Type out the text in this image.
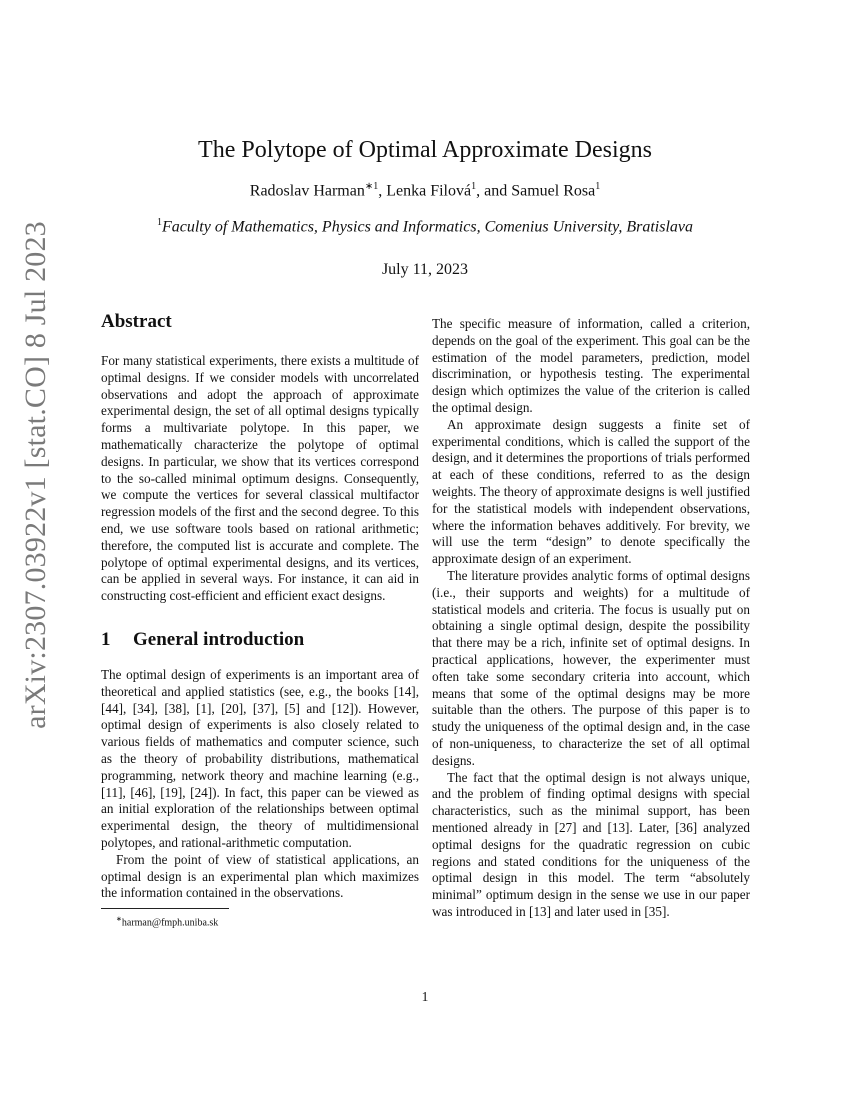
arXiv:2307.03922v1 [stat.CO] 8 Jul 2023
The Polytope of Optimal Approximate Designs
Radoslav Harman$^{∗1}$, Lenka Filová$^1$, and Samuel Rosa$^1$
$^1$Faculty of Mathematics, Physics and Informatics, Comenius University, Bratislava
July 11, 2023
Abstract

For many statistical experiments, there exists a multitude of optimal designs. If we consider models with uncorrelated observations and adopt the approach of approximate experimental design, the set of all optimal designs typically forms a multivariate polytope. In this paper, we mathematically characterize the polytope of optimal designs. In particular, we show that its vertices correspond to the so-called minimal optimum designs. Consequently, we compute the vertices for several classical multifactor regression models of the first and the second degree. To this end, we use software tools based on rational arithmetic; therefore, the computed list is accurate and complete. The polytope of optimal experimental designs, and its vertices, can be applied in several ways. For instance, it can aid in constructing cost-efficient and efficient exact designs.

1 General introduction

The optimal design of experiments is an important area of theoretical and applied statistics (see, e.g., the books [14], [44], [34], [38], [1], [20], [37], [5] and [12]). However, optimal design of experiments is also closely related to various fields of mathematics and computer science, such as the theory of probability distributions, mathematical programming, network theory and machine learning (e.g., [11], [46], [19], [24]). In fact, this paper can be viewed as an initial exploration of the relationships between optimal experimental design, the theory of multidimensional polytopes, and rational-arithmetic computation.

From the point of view of statistical applications, an optimal design is an experimental plan which maximizes the information contained in the observations.

∗harman@fmph.uniba.sk

The specific measure of information, called a criterion, depends on the goal of the experiment. This goal can be the estimation of the model parameters, prediction, model discrimination, or hypothesis testing. The experimental design which optimizes the value of the criterion is called the optimal design.

An approximate design suggests a finite set of experimental conditions, which is called the support of the design, and it determines the proportions of trials performed at each of these conditions, referred to as the design weights. The theory of approximate designs is well justified for the statistical models with independent observations, where the information behaves additively. For brevity, we will use the term “design” to denote specifically the approximate design of an experiment.

The literature provides analytic forms of optimal designs (i.e., their supports and weights) for a multitude of statistical models and criteria. The focus is usually put on obtaining a single optimal design, despite the possibility that there may be a rich, infinite set of optimal designs. In practical applications, however, the experimenter must often take some secondary criteria into account, which means that some of the optimal designs may be more suitable than the others. The purpose of this paper is to study the uniqueness of the optimal design and, in the case of non-uniqueness, to characterize the set of all optimal designs.

The fact that the optimal design is not always unique, and the problem of finding optimal designs with special characteristics, such as the minimal support, has been mentioned already in [27] and [13]. Later, [36] analyzed optimal designs for the quadratic regression on cubic regions and stated conditions for the uniqueness of the optimal design in this model. The term “absolutely minimal” optimum design in the sense we use in our paper was introduced in [13] and later used in [35].

1
